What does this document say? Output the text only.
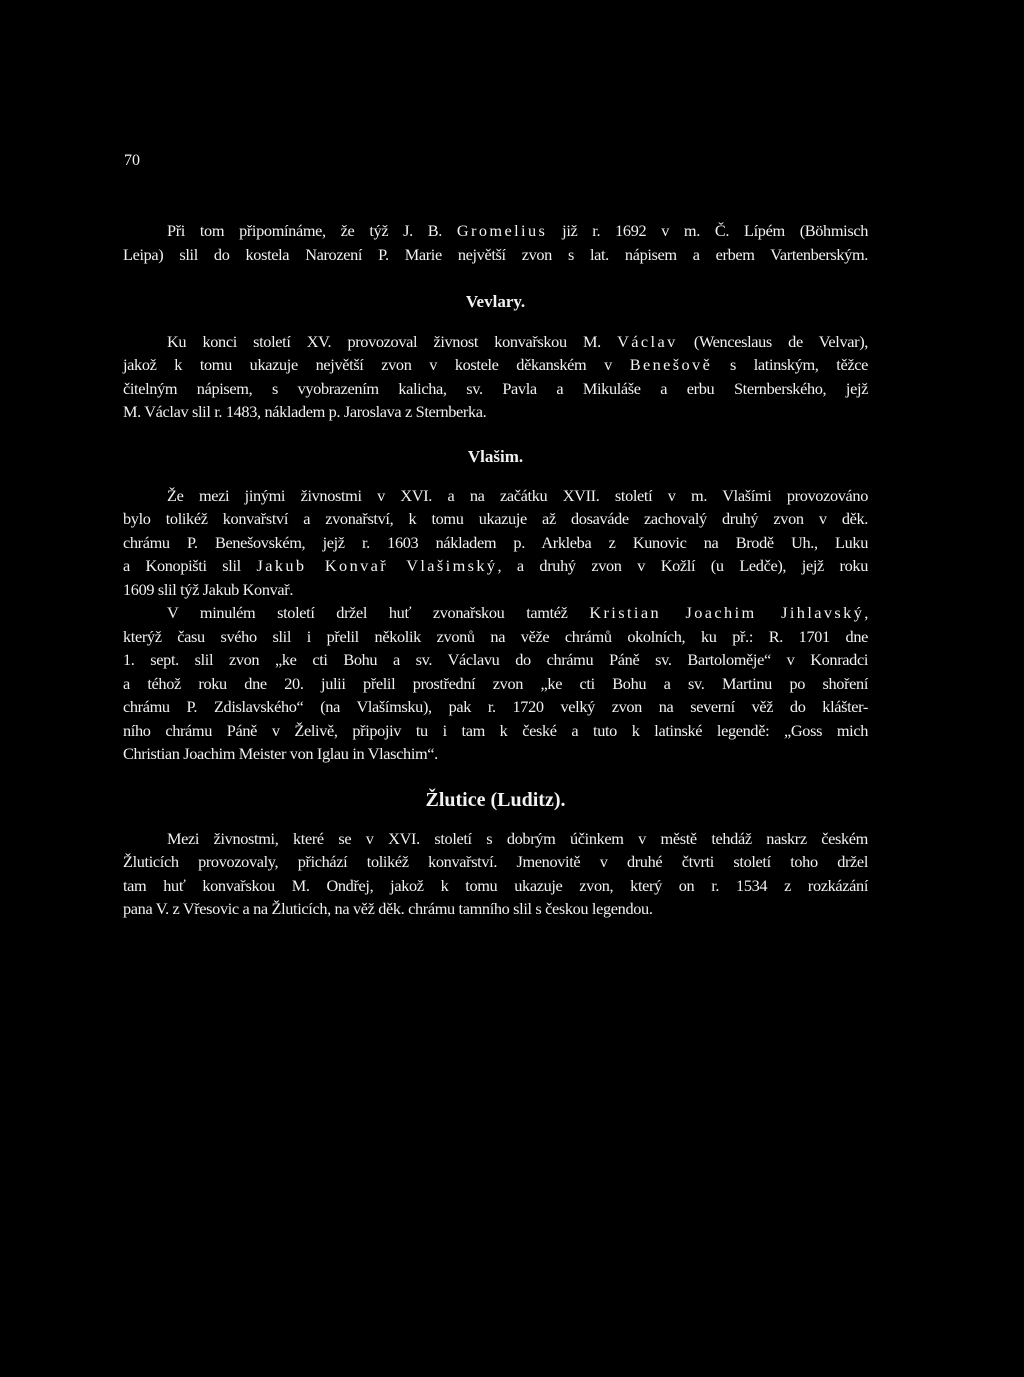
70

Při tom připomínáme, že týž J. B. Gromelius již r. 1692 v m. Č. Lípém (Böhmisch

Leipa) slil do kostela Narození P. Marie největší zvon s lat. nápisem a erbem Vartenberským.

Vevlary.

Ku konci století XV. provozoval živnost konvařskou M. Václav (Wenceslaus de Velvar),

jakož k tomu ukazuje největší zvon v kostele děkanském v Benešově s latinským, těžce

čitelným nápisem, s vyobrazením kalicha, sv. Pavla a Mikuláše a erbu Sternberského, jejž

M. Václav slil r. 1483, nákladem p. Jaroslava z Sternberka.

Vlašim.

Že mezi jinými živnostmi v XVI. a na začátku XVII. století v m. Vlašími provozováno

bylo tolikéž konvařství a zvonařství, k tomu ukazuje až dosaváde zachovalý druhý zvon v děk.

chrámu P. Benešovském, jejž r. 1603 nákladem p. Arkleba z Kunovic na Brodě Uh., Luku

a Konopišti slil Jakub Konvař Vlašimský, a druhý zvon v Kožlí (u Ledče), jejž roku

1609 slil týž Jakub Konvař.

V minulém století držel huť zvonařskou tamtéž Kristian Joachim Jihlavský,

kterýž času svého slil i přelil několik zvonů na věže chrámů okolních, ku př.: R. 1701 dne

1. sept. slil zvon „ke cti Bohu a sv. Václavu do chrámu Páně sv. Bartoloměje“ v Konradci

a téhož roku dne 20. julii přelil prostřední zvon „ke cti Bohu a sv. Martinu po shoření

chrámu P. Zdislavského“ (na Vlašímsku), pak r. 1720 velký zvon na severní věž do klášter-

ního chrámu Páně v Želivě, připojiv tu i tam k české a tuto k latinské legendě: „Goss mich

Christian Joachim Meister von Iglau in Vlaschim“.

Žlutice (Luditz).

Mezi živnostmi, které se v XVI. století s dobrým účinkem v městě tehdáž naskrz českém

Žluticích provozovaly, přichází tolikéž konvařství. Jmenovitě v druhé čtvrti století toho držel

tam huť konvařskou M. Ondřej, jakož k tomu ukazuje zvon, který on r. 1534 z rozkázání

pana V. z Vřesovic a na Žluticích, na věž děk. chrámu tamního slil s českou legendou.
